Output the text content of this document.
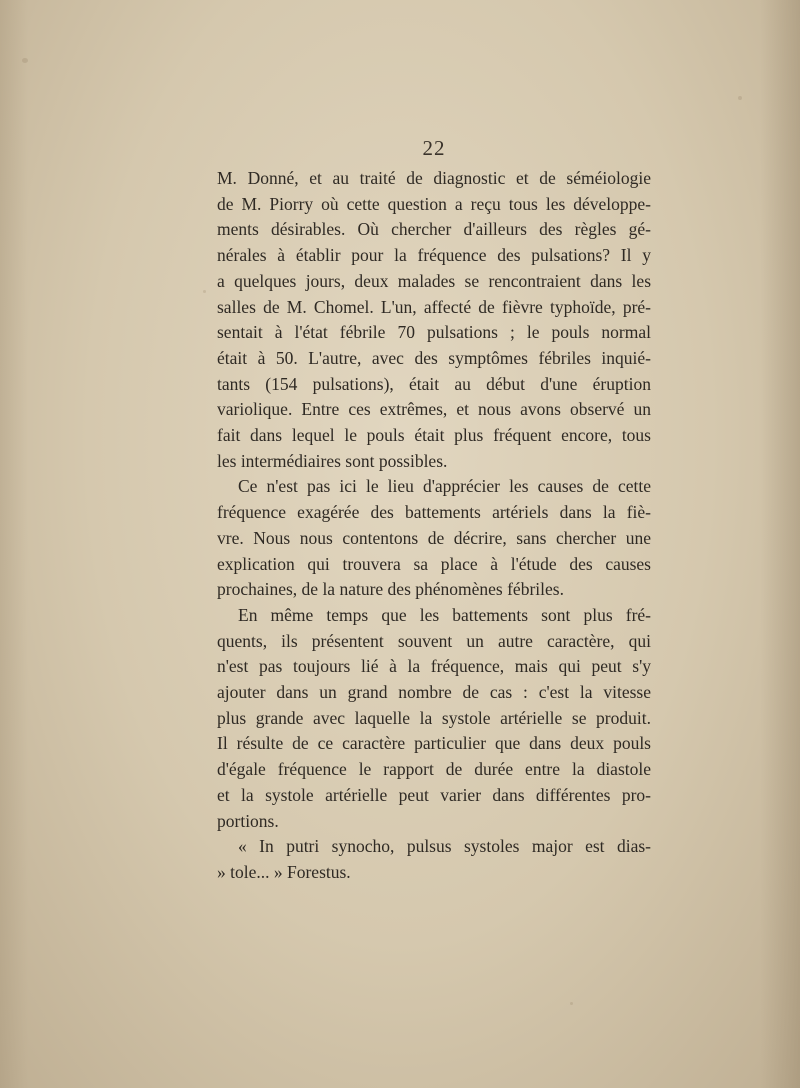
22
M. Donné, et au traité de diagnostic et de séméiologie
de M. Piorry où cette question a reçu tous les développe-
ments désirables. Où chercher d'ailleurs des règles gé-
nérales à établir pour la fréquence des pulsations? Il y
a quelques jours, deux malades se rencontraient dans les
salles de M. Chomel. L'un, affecté de fièvre typhoïde, pré-
sentait à l'état fébrile 70 pulsations ; le pouls normal
était à 50. L'autre, avec des symptômes fébriles inquié-
tants (154 pulsations), était au début d'une éruption
variolique. Entre ces extrêmes, et nous avons observé un
fait dans lequel le pouls était plus fréquent encore, tous
les intermédiaires sont possibles.
Ce n'est pas ici le lieu d'apprécier les causes de cette
fréquence exagérée des battements artériels dans la fiè-
vre. Nous nous contentons de décrire, sans chercher une
explication qui trouvera sa place à l'étude des causes
prochaines, de la nature des phénomènes fébriles.
En même temps que les battements sont plus fré-
quents, ils présentent souvent un autre caractère, qui
n'est pas toujours lié à la fréquence, mais qui peut s'y
ajouter dans un grand nombre de cas : c'est la vitesse
plus grande avec laquelle la systole artérielle se produit.
Il résulte de ce caractère particulier que dans deux pouls
d'égale fréquence le rapport de durée entre la diastole
et la systole artérielle peut varier dans différentes pro-
portions.
« In putri synocho, pulsus systoles major est dias-
» tole... » Forestus.
